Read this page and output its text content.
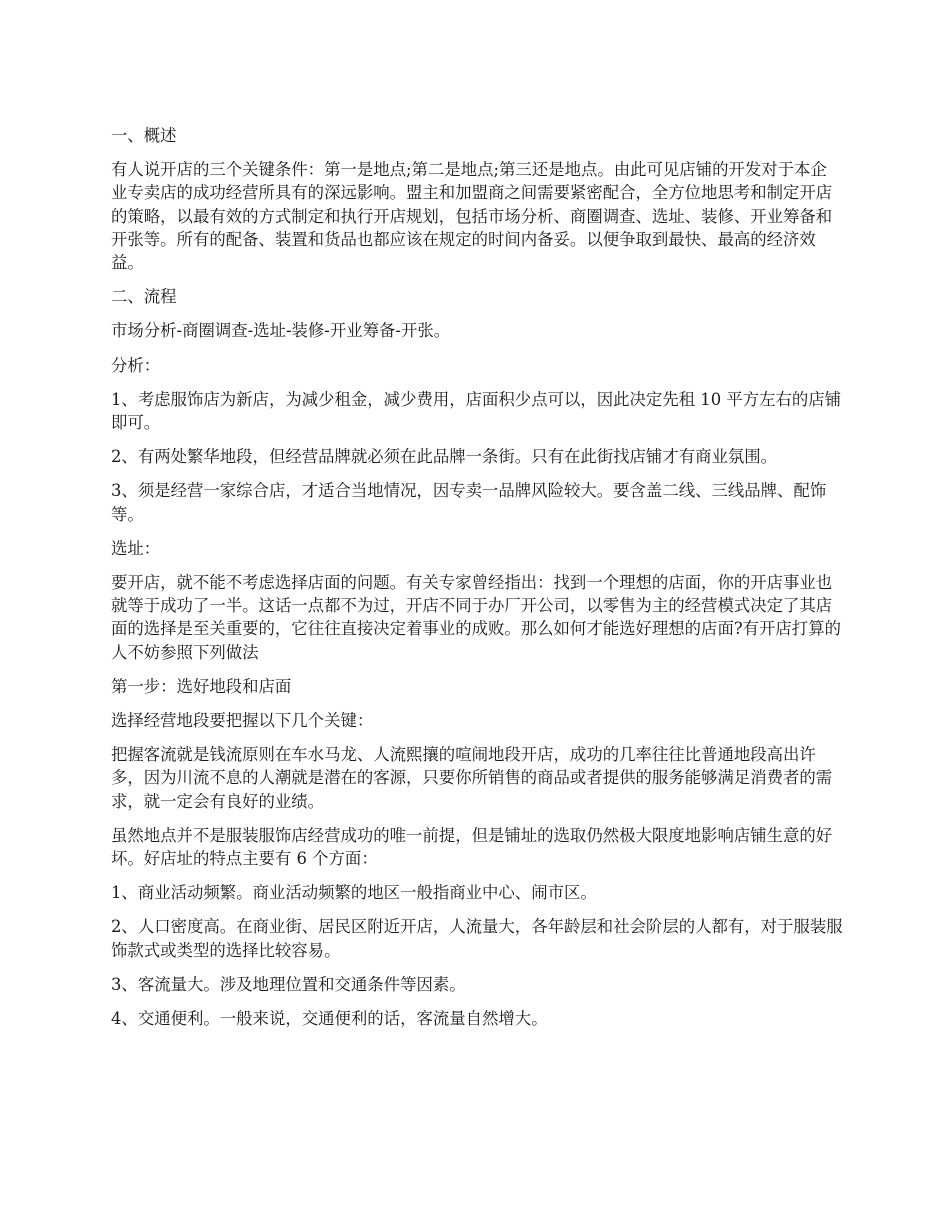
一、概述

有人说开店的三个关键条件：第一是地点;第二是地点;第三还是地点。由此可见店铺的开发对于本企业专卖店的成功经营所具有的深远影响。盟主和加盟商之间需要紧密配合，全方位地思考和制定开店的策略，以最有效的方式制定和执行开店规划，包括市场分析、商圈调查、选址、装修、开业筹备和开张等。所有的配备、装置和货品也都应该在规定的时间内备妥。以便争取到最快、最高的经济效益。

二、流程

市场分析-商圈调查-选址-装修-开业筹备-开张。

分析：

1、考虑服饰店为新店，为减少租金，减少费用，店面积少点可以，因此决定先租 10 平方左右的店铺即可。

2、有两处繁华地段，但经营品牌就必须在此品牌一条街。只有在此街找店铺才有商业氛围。

3、须是经营一家综合店，才适合当地情况，因专卖一品牌风险较大。要含盖二线、三线品牌、配饰等。

选址：

要开店，就不能不考虑选择店面的问题。有关专家曾经指出：找到一个理想的店面，你的开店事业也就等于成功了一半。这话一点都不为过，开店不同于办厂开公司，以零售为主的经营模式决定了其店面的选择是至关重要的，它往往直接决定着事业的成败。那么如何才能选好理想的店面?有开店打算的人不妨参照下列做法

第一步：选好地段和店面

选择经营地段要把握以下几个关键：

把握客流就是钱流原则在车水马龙、人流熙攘的喧闹地段开店，成功的几率往往比普通地段高出许多，因为川流不息的人潮就是潜在的客源，只要你所销售的商品或者提供的服务能够满足消费者的需求，就一定会有良好的业绩。

虽然地点并不是服装服饰店经营成功的唯一前提，但是铺址的选取仍然极大限度地影响店铺生意的好坏。好店址的特点主要有 6 个方面：

1、商业活动频繁。商业活动频繁的地区一般指商业中心、闹市区。

2、人口密度高。在商业街、居民区附近开店，人流量大，各年龄层和社会阶层的人都有，对于服装服饰款式或类型的选择比较容易。

3、客流量大。涉及地理位置和交通条件等因素。

4、交通便利。一般来说，交通便利的话，客流量自然增大。
